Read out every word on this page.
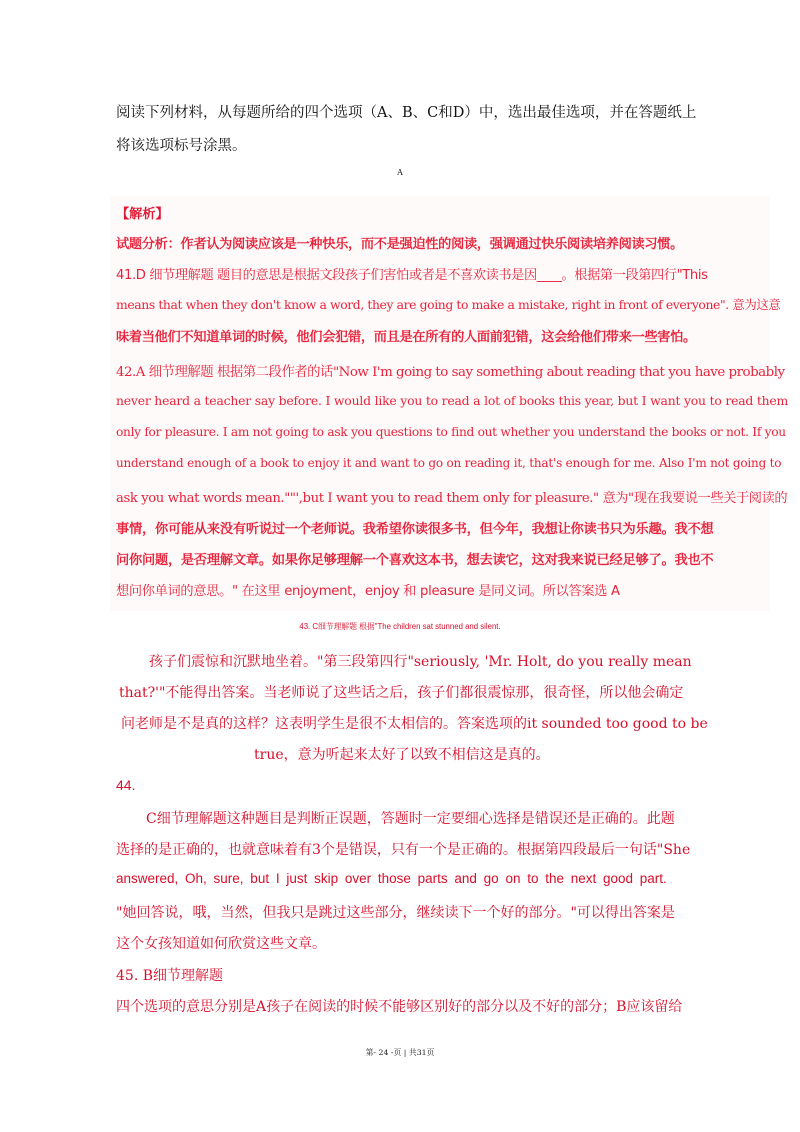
阅读下列材料，从每题所给的四个选项（A、B、C和D）中，选出最佳选项，并在答题纸上
将该选项标号涂黑。
A
【解析】
试题分析：作者认为阅读应该是一种快乐，而不是强迫性的阅读，强调通过快乐阅读培养阅读习惯。
41.D 细节理解题 题目的意思是根据文段孩子们害怕或者是不喜欢读书是因____。根据第一段第四行"This
means that when they don't know a word, they are going to make a mistake, right in front of everyone". 意为这意
味着当他们不知道单词的时候，他们会犯错，而且是在所有的人面前犯错，这会给他们带来一些害怕。
42.A 细节理解题 根据第二段作者的话"Now I'm going to say something about reading that you have probably
never heard a teacher say before. I would like you to read a lot of books this year, but I want you to read them
only for pleasure. I am not going to ask you questions to find out whether you understand the books or not. If you
understand enough of a book to enjoy it and want to go on reading it, that's enough for me. Also I'm not going to
ask you what words mean.""',but I want you to read them only for pleasure." 意为"现在我要说一些关于阅读的
事情，你可能从来没有听说过一个老师说。我希望你读很多书，但今年，我想让你读书只为乐趣。我不想
问你问题，是否理解文章。如果你足够理解一个喜欢这本书，想去读它，这对我来说已经足够了。我也不
想问你单词的意思。" 在这里 enjoyment，enjoy 和 pleasure 是同义词。所以答案选 A
43. C细节理解题 根据"The children sat stunned and silent.
孩子们震惊和沉默地坐着。"第三段第四行"seriously, 'Mr. Holt, do you really mean
that?'"不能得出答案。当老师说了这些话之后，孩子们都很震惊那，很奇怪，所以他会确定
问老师是不是真的这样？这表明学生是很不太相信的。答案选项的it sounded too good to be
true，意为听起来太好了以致不相信这是真的。
44.
C细节理解题这种题目是判断正误题，答题时一定要细心选择是错误还是正确的。此题
选择的是正确的，也就意味着有3个是错误，只有一个是正确的。根据第四段最后一句话"She
answered, Oh, sure, but I just skip over those parts and go on to the next good part.
"她回答说，哦，当然，但我只是跳过这些部分，继续读下一个好的部分。"可以得出答案是
这个女孩知道如何欣赏这些文章。
45. B细节理解题
四个选项的意思分别是A孩子在阅读的时候不能够区别好的部分以及不好的部分；B应该留给
第- 24 -页 | 共31页
